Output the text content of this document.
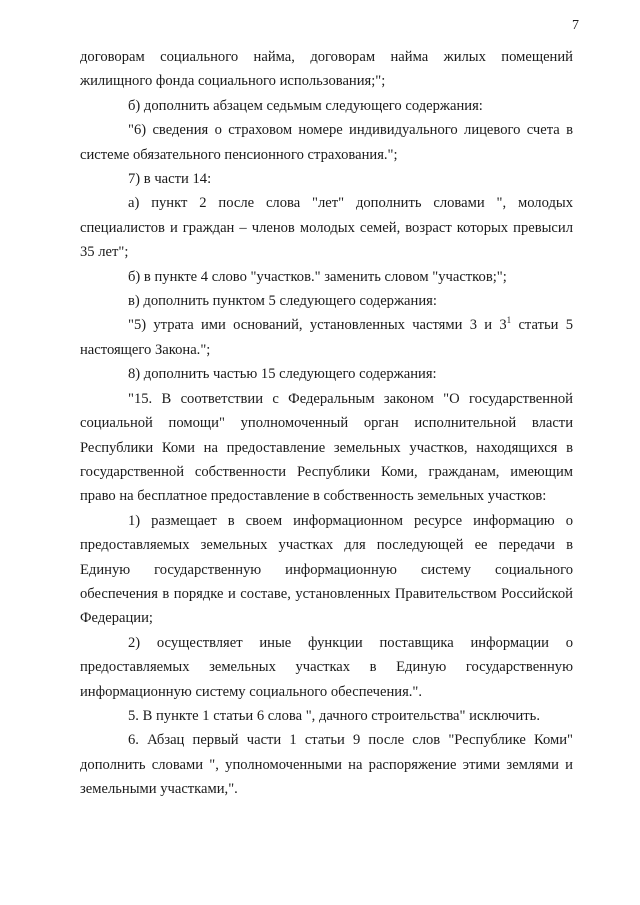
7

договорам социального найма, договорам найма жилых помещений жилищного фонда социального использования;";

б) дополнить абзацем седьмым следующего содержания:

"6) сведения о страховом номере индивидуального лицевого счета в системе обязательного пенсионного страхования.";

7) в части 14:

а) пункт 2 после слова "лет" дополнить словами ", молодых специалистов и граждан – членов молодых семей, возраст которых превысил 35 лет";

б) в пункте 4 слово "участков." заменить словом "участков;";

в) дополнить пунктом 5 следующего содержания:

"5) утрата ими оснований, установленных частями 3 и $3^1$ статьи 5 настоящего Закона.";

8) дополнить частью 15 следующего содержания:

"15. В соответствии с Федеральным законом "О государственной социальной помощи" уполномоченный орган исполнительной власти Республики Коми на предоставление земельных участков, находящихся в государственной собственности Республики Коми, гражданам, имеющим право на бесплатное предоставление в собственность земельных участков:

1) размещает в своем информационном ресурсе информацию о предоставляемых земельных участках для последующей ее передачи в Единую государственную информационную систему социального обеспечения в порядке и составе, установленных Правительством Российской Федерации;

2) осуществляет иные функции поставщика информации о предоставляемых земельных участках в Единую государственную информационную систему социального обеспечения.".

5. В пункте 1 статьи 6 слова ", дачного строительства" исключить.

6. Абзац первый части 1 статьи 9 после слов "Республике Коми" дополнить словами ", уполномоченными на распоряжение этими землями и земельными участками,".
